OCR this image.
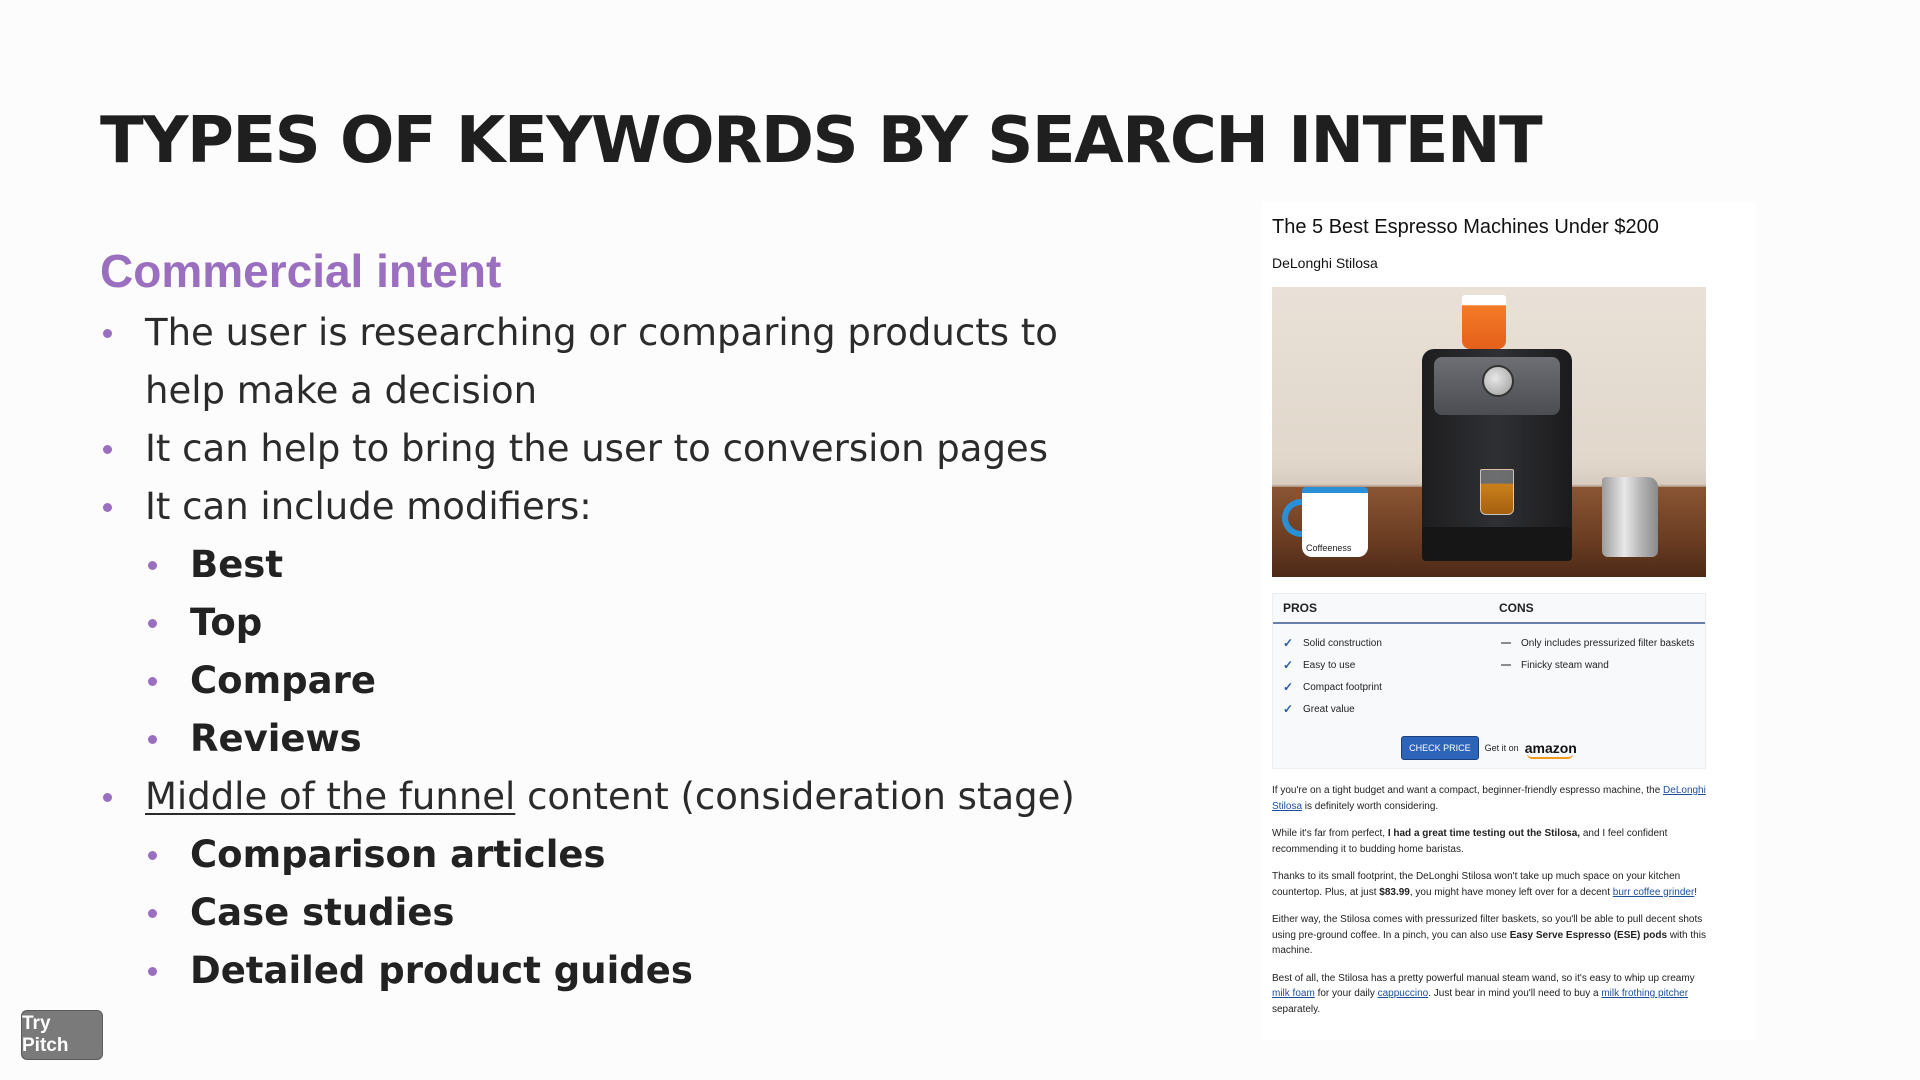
TYPES OF KEYWORDS BY SEARCH INTENT
Commercial intent
The user is researching or comparing products to help make a decision
It can help to bring the user to conversion pages
It can include modifiers:
Best
Top
Compare
Reviews
Middle of the funnel content (consideration stage)
Comparison articles
Case studies
Detailed product guides
The 5 Best Espresso Machines Under $200
DeLonghi Stilosa
Coffeeness
PROS	CONS
✓ Solid construction
✓ Easy to use
✓ Compact footprint
✓ Great value
Only includes pressurized filter baskets
Finicky steam wand
CHECK PRICE	Get it on amazon

If you're on a tight budget and want a compact, beginner-friendly espresso machine, the DeLonghi Stilosa is definitely worth considering.

While it's far from perfect, I had a great time testing out the Stilosa, and I feel confident recommending it to budding home baristas.

Thanks to its small footprint, the DeLonghi Stilosa won't take up much space on your kitchen countertop. Plus, at just $83.99, you might have money left over for a decent burr coffee grinder!

Either way, the Stilosa comes with pressurized filter baskets, so you'll be able to pull decent shots using pre-ground coffee. In a pinch, you can also use Easy Serve Espresso (ESE) pods with this machine.

Best of all, the Stilosa has a pretty powerful manual steam wand, so it's easy to whip up creamy milk foam for your daily cappuccino. Just bear in mind you'll need to buy a milk frothing pitcher separately.

Try Pitch
